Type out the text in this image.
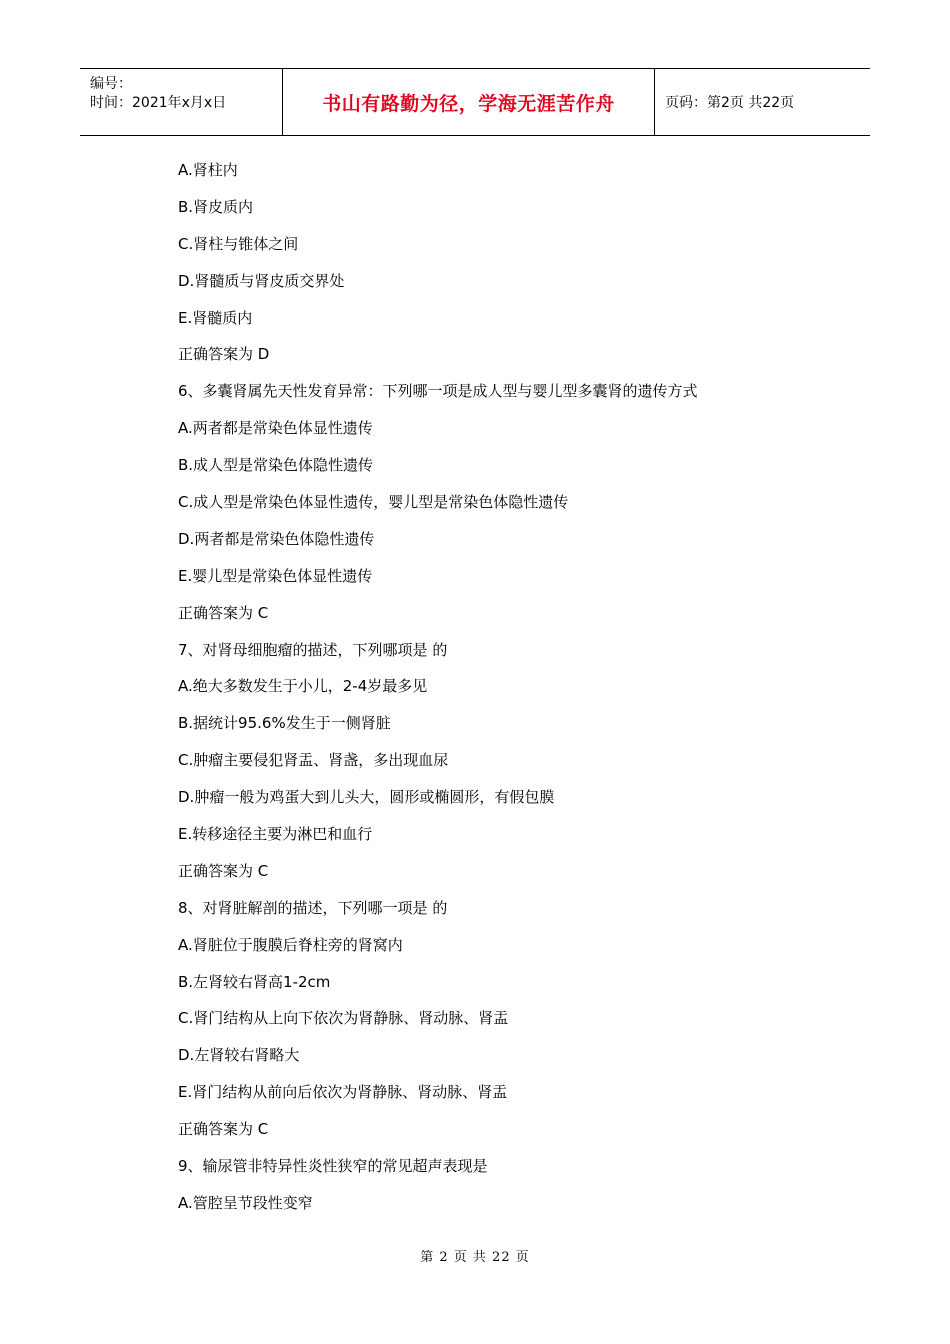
编号：
时间：2021年x月x日	书山有路勤为径，学海无涯苦作舟	页码：第2页 共22页
A.肾柱内
B.肾皮质内
C.肾柱与锥体之间
D.肾髓质与肾皮质交界处
E.肾髓质内
正确答案为 D
6、多囊肾属先天性发育异常：下列哪一项是成人型与婴儿型多囊肾的遗传方式
A.两者都是常染色体显性遗传
B.成人型是常染色体隐性遗传
C.成人型是常染色体显性遗传，婴儿型是常染色体隐性遗传
D.两者都是常染色体隐性遗传
E.婴儿型是常染色体显性遗传
正确答案为 C
7、对肾母细胞瘤的描述，下列哪项是 的
A.绝大多数发生于小儿，2-4岁最多见
B.据统计95.6%发生于一侧肾脏
C.肿瘤主要侵犯肾盂、肾盏，多出现血尿
D.肿瘤一般为鸡蛋大到儿头大，圆形或椭圆形，有假包膜
E.转移途径主要为淋巴和血行
正确答案为 C
8、对肾脏解剖的描述，下列哪一项是 的
A.肾脏位于腹膜后脊柱旁的肾窝内
B.左肾较右肾高1-2cm
C.肾门结构从上向下依次为肾静脉、肾动脉、肾盂
D.左肾较右肾略大
E.肾门结构从前向后依次为肾静脉、肾动脉、肾盂
正确答案为 C
9、输尿管非特异性炎性狭窄的常见超声表现是
A.管腔呈节段性变窄
第 2 页 共 22 页
